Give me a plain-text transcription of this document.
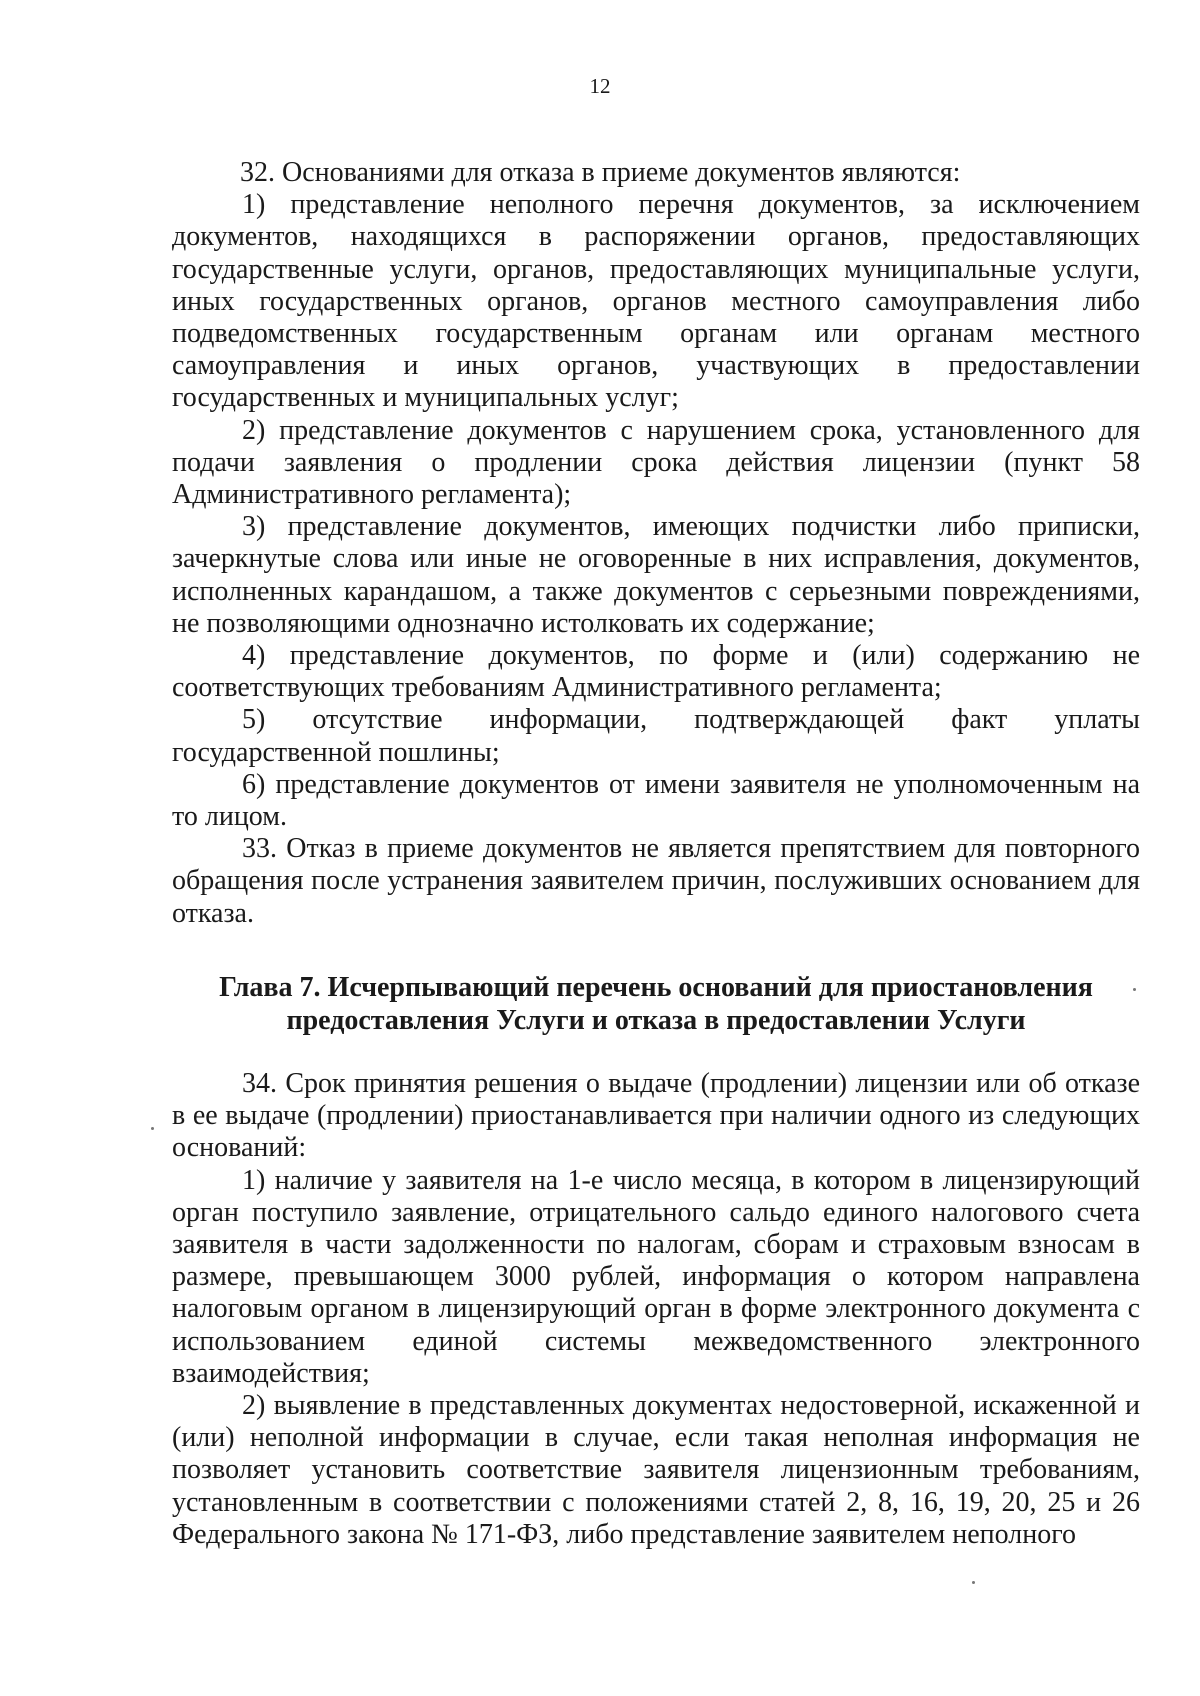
12

32. Основаниями для отказа в приеме документов являются:

1) представление неполного перечня документов, за исключением документов, находящихся в распоряжении органов, предоставляющих государственные услуги, органов, предоставляющих муниципальные услуги, иных государственных органов, органов местного самоуправления либо подведомственных государственным органам или органам местного самоуправления и иных органов, участвующих в предоставлении государственных и муниципальных услуг;

2) представление документов с нарушением срока, установленного для подачи заявления о продлении срока действия лицензии (пункт 58 Административного регламента);

3) представление документов, имеющих подчистки либо приписки, зачеркнутые слова или иные не оговоренные в них исправления, документов, исполненных карандашом, а также документов с серьезными повреждениями, не позволяющими однозначно истолковать их содержание;

4) представление документов, по форме и (или) содержанию не соответствующих требованиям Административного регламента;

5) отсутствие информации, подтверждающей факт уплаты государственной пошлины;

6) представление документов от имени заявителя не уполномоченным на то лицом.

33. Отказ в приеме документов не является препятствием для повторного обращения после устранения заявителем причин, послуживших основанием для отказа.

Глава 7. Исчерпывающий перечень оснований для приостановления
предоставления Услуги и отказа в предоставлении Услуги

34. Срок принятия решения о выдаче (продлении) лицензии или об отказе в ее выдаче (продлении) приостанавливается при наличии одного из следующих оснований:

1) наличие у заявителя на 1-е число месяца, в котором в лицензирующий орган поступило заявление, отрицательного сальдо единого налогового счета заявителя в части задолженности по налогам, сборам и страховым взносам в размере, превышающем 3000 рублей, информация о котором направлена налоговым органом в лицензирующий орган в форме электронного документа с использованием единой системы межведомственного электронного взаимодействия;

2) выявление в представленных документах недостоверной, искаженной и (или) неполной информации в случае, если такая неполная информация не позволяет установить соответствие заявителя лицензионным требованиям, установленным в соответствии с положениями статей 2, 8, 16, 19, 20, 25 и 26 Федерального закона № 171-ФЗ, либо представление заявителем неполного
